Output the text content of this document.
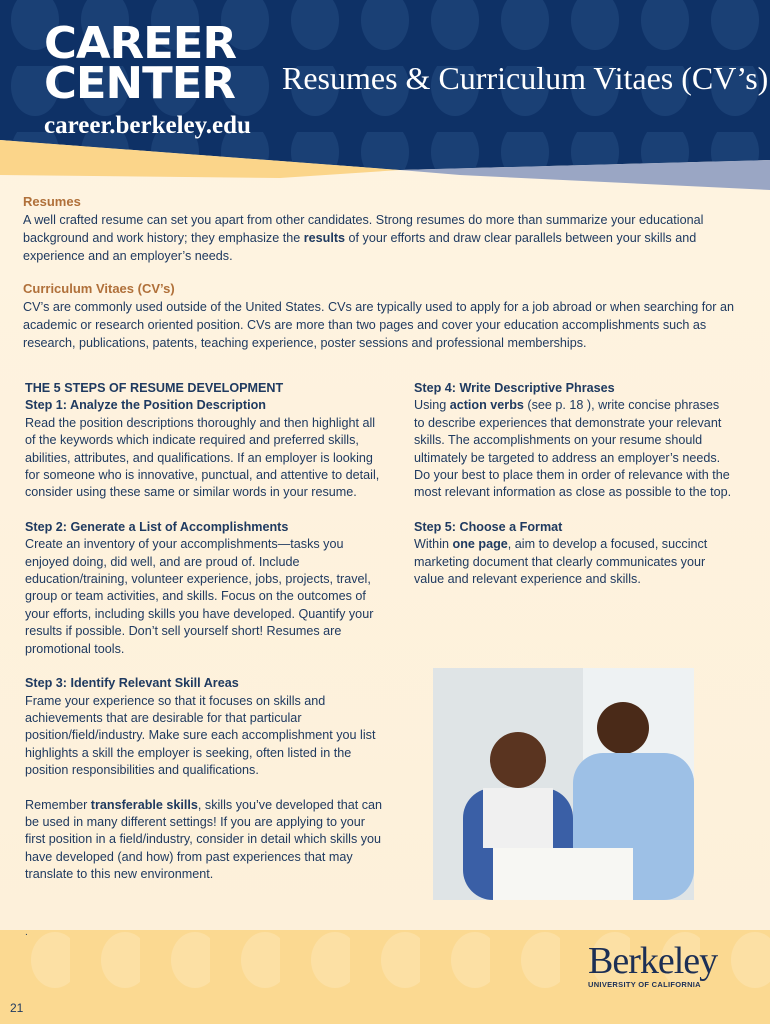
CAREER
CENTER
career.berkeley.edu
Resumes & Curriculum Vitaes (CV’s)
Resumes

A well crafted resume can set you apart from other candidates. Strong resumes do more than summarize your educational background and work history; they emphasize the results of your efforts and draw clear parallels between your skills and experience and an employer’s needs.

Curriculum Vitaes (CV’s)

CV’s are commonly used outside of the United States. CVs are typically used to apply for a job abroad or when searching for an academic or research oriented position. CVs are more than two pages and cover your education accomplishments such as research, publications, patents, teaching experience, poster sessions and professional memberships.

THE 5 STEPS OF RESUME DEVELOPMENT
Step 1: Analyze the Position Description
Read the position descriptions thoroughly and then highlight all of the keywords which indicate required and preferred skills, abilities, attributes, and qualifications. If an employer is looking for someone who is innovative, punctual, and attentive to detail, consider using these same or similar words in your resume.
Step 2: Generate a List of Accomplishments
Create an inventory of your accomplishments—tasks you enjoyed doing, did well, and are proud of. Include education/training, volunteer experience, jobs, projects, travel, group or team activities, and skills. Focus on the outcomes of your efforts, including skills you have developed. Quantify your results if possible. Don’t sell yourself short! Resumes are promotional tools.
Step 3: Identify Relevant Skill Areas
Frame your experience so that it focuses on skills and achievements that are desirable for that particular position/field/industry. Make sure each accomplishment you list highlights a skill the employer is seeking, often listed in the position responsibilities and qualifications.
Remember transferable skills, skills you’ve developed that can be used in many different settings! If you are applying to your first position in a field/industry, consider in detail which skills you have developed (and how) from past experiences that may translate to this new environment.
Step 4: Write Descriptive Phrases
Using action verbs (see p. 18 ), write concise phrases to describe experiences that demonstrate your relevant skills. The accomplishments on your resume should ultimately be targeted to address an employer’s needs. Do your best to place them in order of relevance with the most relevant information as close as possible to the top.
Step 5: Choose a Format
Within one page, aim to develop a focused, succinct marketing document that clearly communicates your value and relevant experience and skills.
.
Berkeley
UNIVERSITY OF CALIFORNIA
21
